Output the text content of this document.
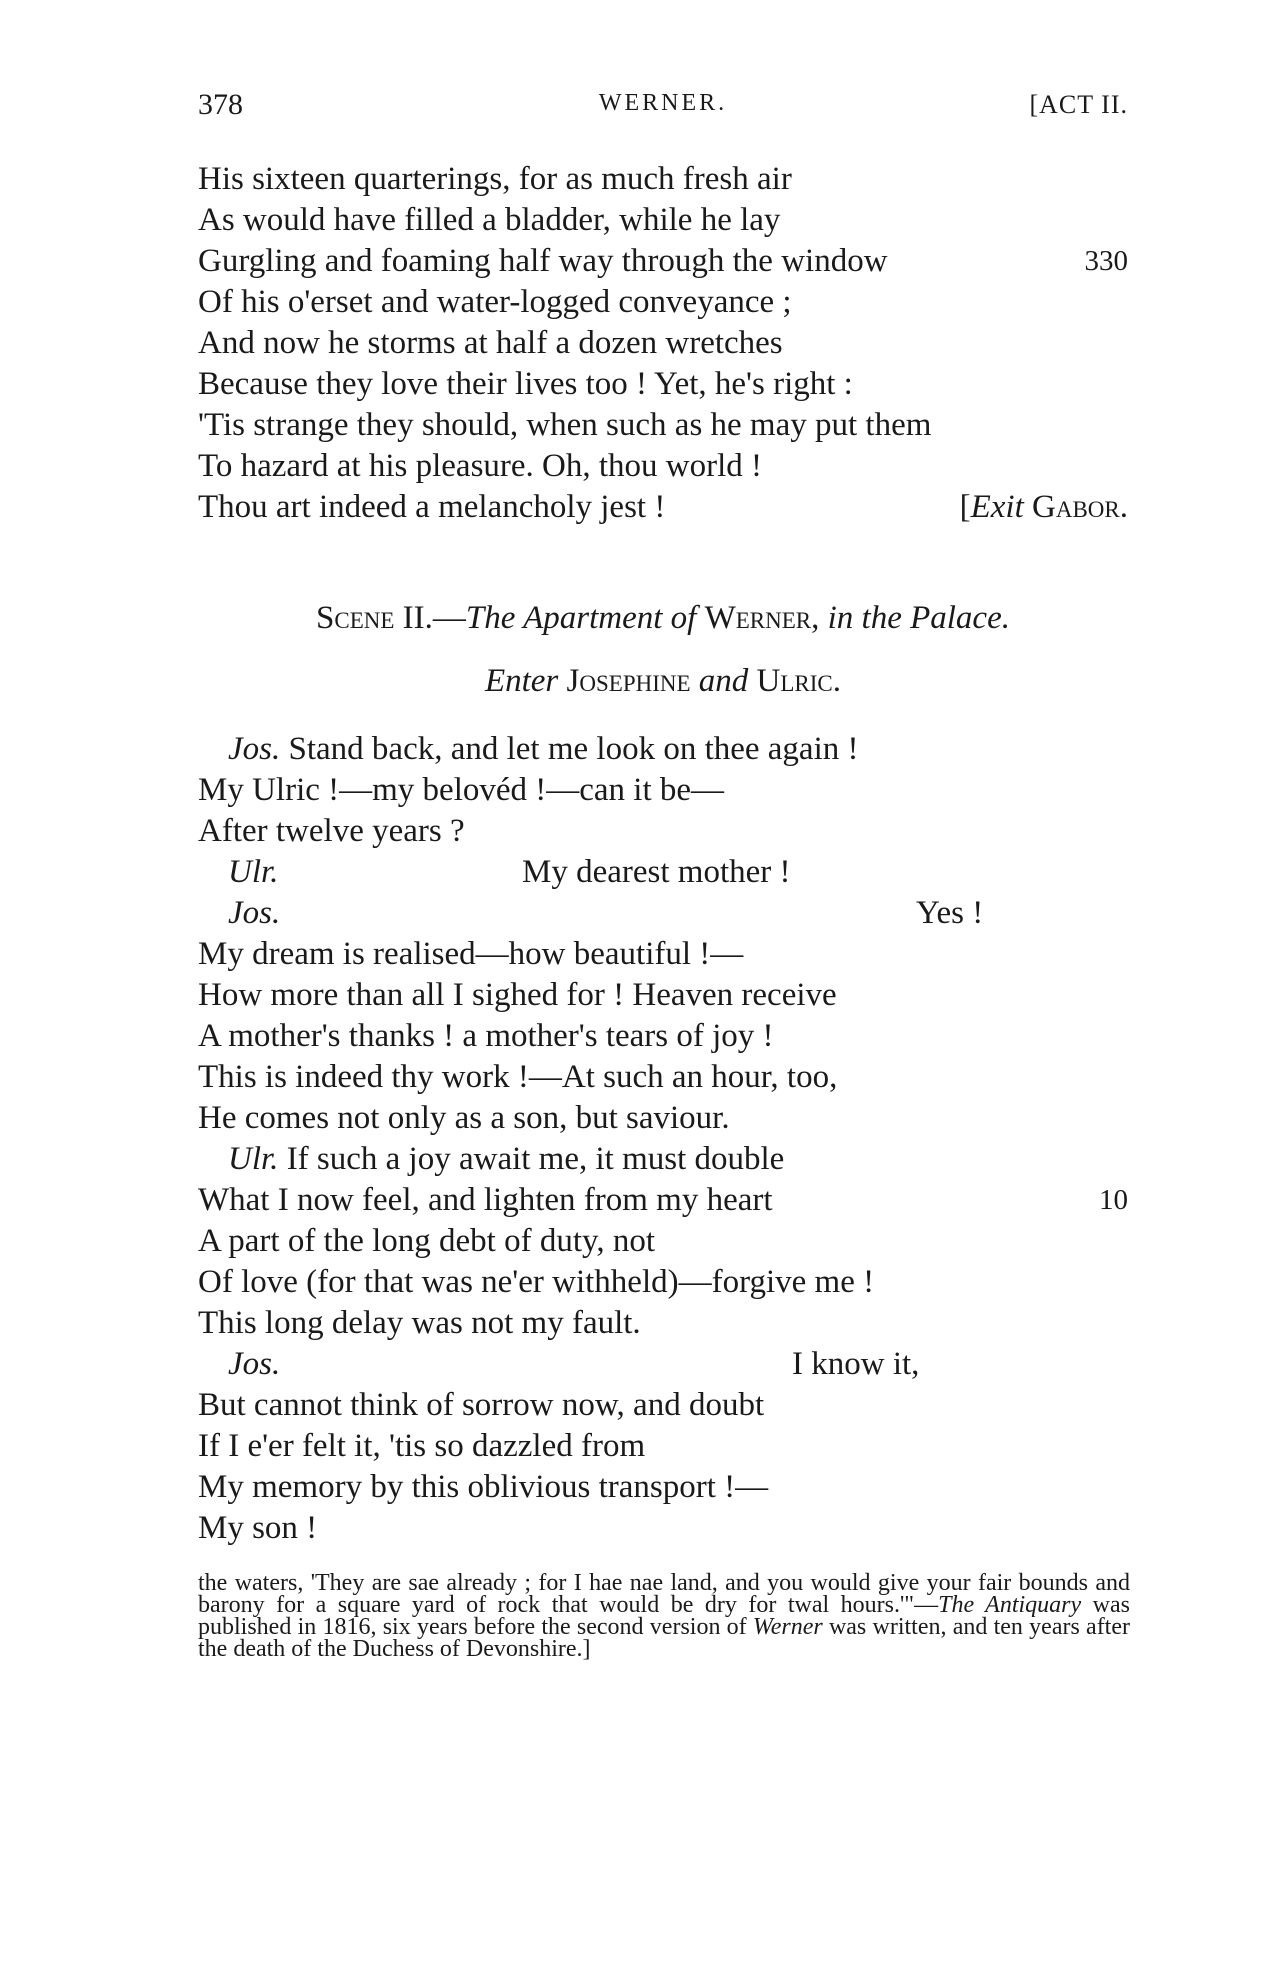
378	WERNER.	[ACT II.
His sixteen quarterings, for as much fresh air
As would have filled a bladder, while he lay
Gurgling and foaming half way through the window	330
Of his o'erset and water-logged conveyance ;
And now he storms at half a dozen wretches
Because they love their lives too ! Yet, he's right :
'Tis strange they should, when such as he may put them
To hazard at his pleasure. Oh, thou world !
Thou art indeed a melancholy jest !	[Exit Gabor.
Scene II.—The Apartment of Werner, in the Palace.
Enter Josephine and Ulric.
Jos. Stand back, and let me look on thee again !
My Ulric !—my belovéd !—can it be—
After twelve years ?
Ulr.	My dearest mother !
Jos.	Yes !
My dream is realised—how beautiful !—
How more than all I sighed for ! Heaven receive
A mother's thanks ! a mother's tears of joy !
This is indeed thy work !—At such an hour, too,
He comes not only as a son, but saviour.
Ulr. If such a joy await me, it must double
What I now feel, and lighten from my heart	10
A part of the long debt of duty, not
Of love (for that was ne'er withheld)—forgive me !
This long delay was not my fault.
Jos.	I know it,
But cannot think of sorrow now, and doubt
If I e'er felt it, 'tis so dazzled from
My memory by this oblivious transport !—
My son !

the waters, 'They are sae already ; for I hae nae land, and you would give your fair bounds and barony for a square yard of rock that would be dry for twal hours.'"—The Antiquary was published in 1816, six years before the second version of Werner was written, and ten years after the death of the Duchess of Devonshire.]
